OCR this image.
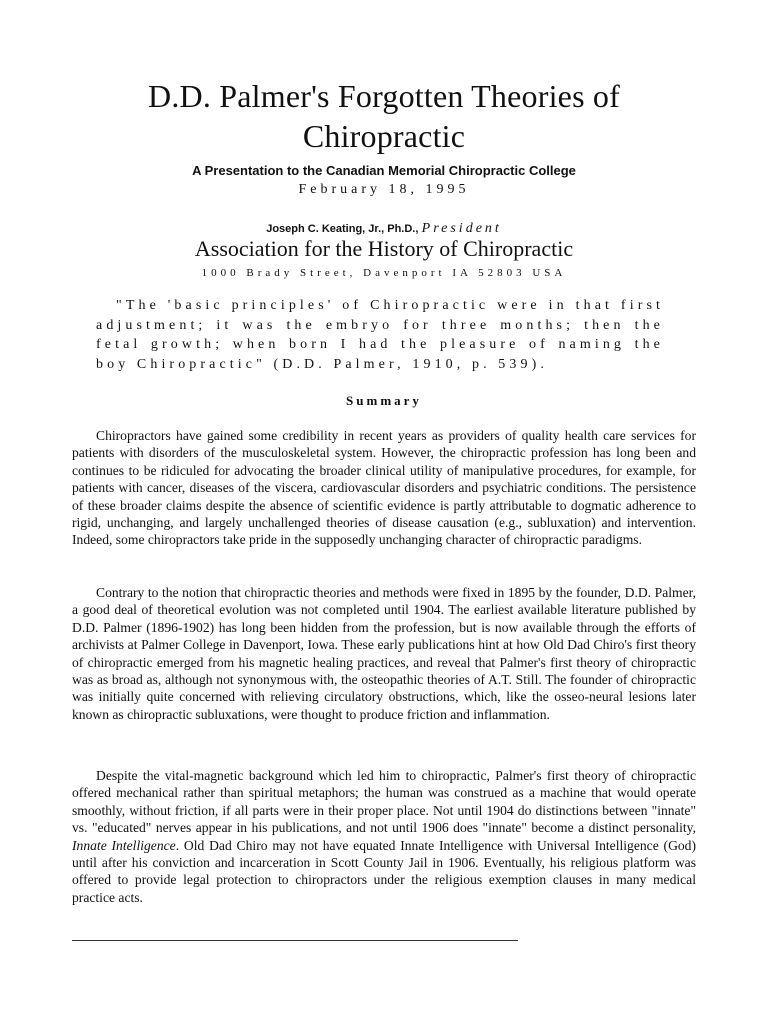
D.D. Palmer's Forgotten Theories of Chiropractic
A Presentation to the Canadian Memorial Chiropractic College
February 18, 1995
Joseph C. Keating, Jr., Ph.D., President
Association for the History of Chiropractic
1000 Brady Street, Davenport IA 52803 USA

"The 'basic principles' of Chiropractic were in that first adjustment; it was the embryo for three months; then the fetal growth; when born I had the pleasure of naming the boy Chiropractic" (D.D. Palmer, 1910, p. 539).

Summary

Chiropractors have gained some credibility in recent years as providers of quality health care services for patients with disorders of the musculoskeletal system. However, the chiropractic profession has long been and continues to be ridiculed for advocating the broader clinical utility of manipulative procedures, for example, for patients with cancer, diseases of the viscera, cardiovascular disorders and psychiatric conditions. The persistence of these broader claims despite the absence of scientific evidence is partly attributable to dogmatic adherence to rigid, unchanging, and largely unchallenged theories of disease causation (e.g., subluxation) and intervention. Indeed, some chiropractors take pride in the supposedly unchanging character of chiropractic paradigms.

Contrary to the notion that chiropractic theories and methods were fixed in 1895 by the founder, D.D. Palmer, a good deal of theoretical evolution was not completed until 1904. The earliest available literature published by D.D. Palmer (1896-1902) has long been hidden from the profession, but is now available through the efforts of archivists at Palmer College in Davenport, Iowa. These early publications hint at how Old Dad Chiro's first theory of chiropractic emerged from his magnetic healing practices, and reveal that Palmer's first theory of chiropractic was as broad as, although not synonymous with, the osteopathic theories of A.T. Still. The founder of chiropractic was initially quite concerned with relieving circulatory obstructions, which, like the osseo-neural lesions later known as chiropractic subluxations, were thought to produce friction and inflammation.

Despite the vital-magnetic background which led him to chiropractic, Palmer's first theory of chiropractic offered mechanical rather than spiritual metaphors; the human was construed as a machine that would operate smoothly, without friction, if all parts were in their proper place. Not until 1904 do distinctions between "innate" vs. "educated" nerves appear in his publications, and not until 1906 does "innate" become a distinct personality, Innate Intelligence. Old Dad Chiro may not have equated Innate Intelligence with Universal Intelligence (God) until after his conviction and incarceration in Scott County Jail in 1906. Eventually, his religious platform was offered to provide legal protection to chiropractors under the religious exemption clauses in many medical practice acts.
